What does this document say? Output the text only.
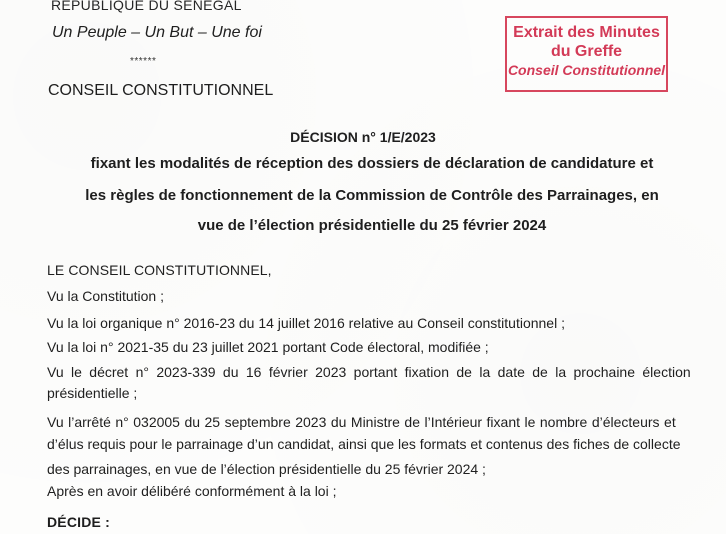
REPUBLIQUE DU SENEGAL
Un Peuple – Un But – Une foi
******
CONSEIL CONSTITUTIONNEL
Extrait des Minutes
du Greffe
Conseil Constitutionnel
DÉCISION n° 1/E/2023
fixant les modalités de réception des dossiers de déclaration de candidature et
les règles de fonctionnement de la Commission de Contrôle des Parrainages, en
vue de l’élection présidentielle du 25 février 2024
LE CONSEIL CONSTITUTIONNEL,
Vu la Constitution ;
Vu la loi organique n° 2016-23 du 14 juillet 2016 relative au Conseil constitutionnel ;
Vu la loi n° 2021-35 du 23 juillet 2021 portant Code électoral, modifiée ;
Vu le décret n° 2023-339 du 16 février 2023 portant fixation de la date de la prochaine élection
présidentielle ;
Vu l’arrêté n° 032005 du 25 septembre 2023 du Ministre de l’Intérieur fixant le nombre d’électeurs et
d’élus requis pour le parrainage d’un candidat, ainsi que les formats et contenus des fiches de collecte
des parrainages, en vue de l’élection présidentielle du 25 février 2024 ;
Après en avoir délibéré conformément à la loi ;
DÉCIDE :
